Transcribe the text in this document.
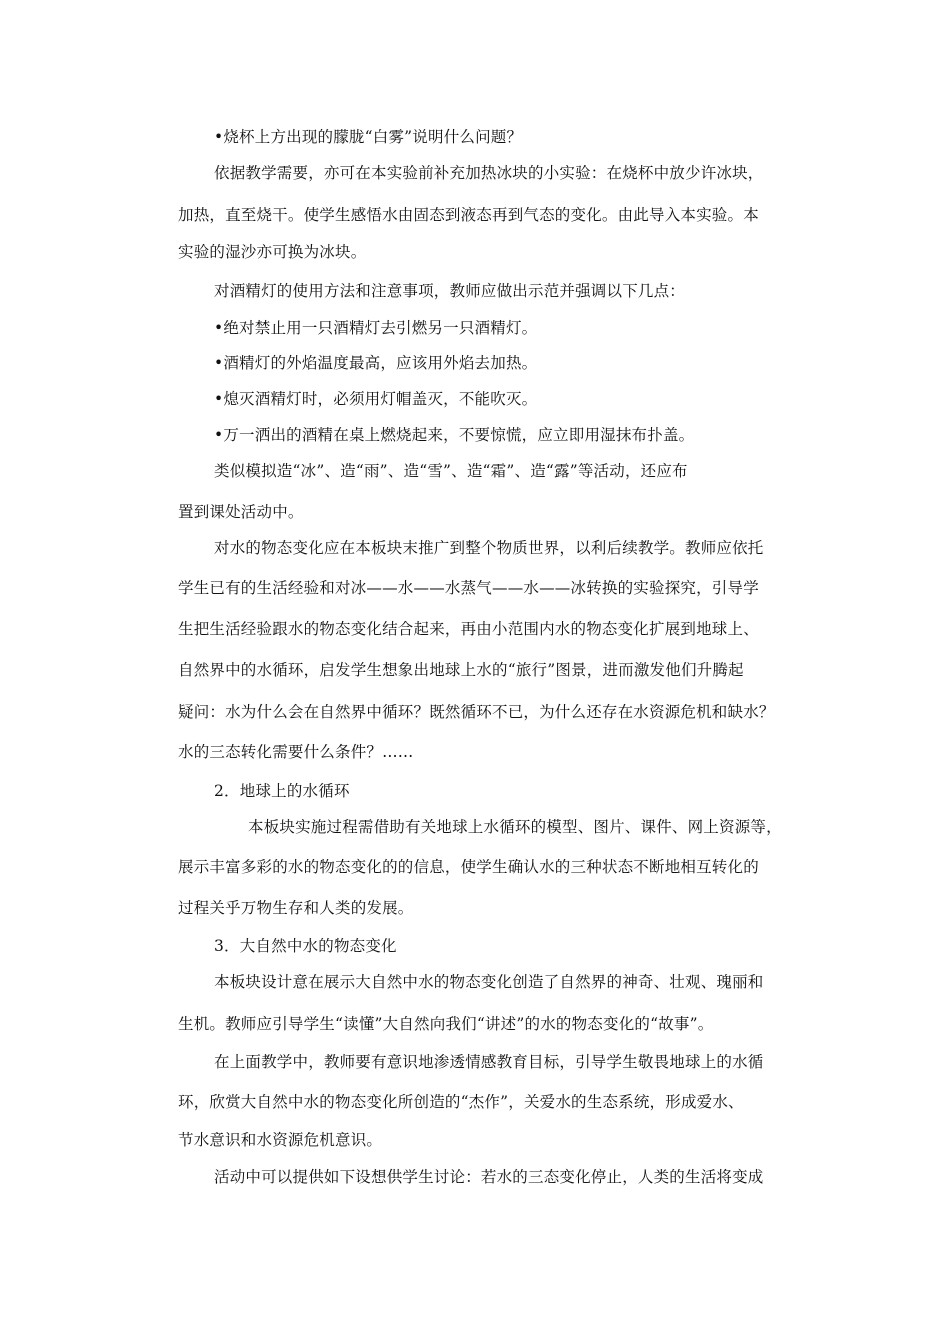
•烧杯上方出现的朦胧“白雾”说明什么问题？
依据教学需要，亦可在本实验前补充加热冰块的小实验：在烧杯中放少许冰块，
加热，直至烧干。使学生感悟水由固态到液态再到气态的变化。由此导入本实验。本
实验的湿沙亦可换为冰块。
对酒精灯的使用方法和注意事项，教师应做出示范并强调以下几点：
•绝对禁止用一只酒精灯去引燃另一只酒精灯。
•酒精灯的外焰温度最高，应该用外焰去加热。
•熄灭酒精灯时，必须用灯帽盖灭，不能吹灭。
•万一洒出的酒精在桌上燃烧起来，不要惊慌，应立即用湿抹布扑盖。
类似模拟造“冰”、造“雨”、造“雪”、造“霜”、造“露”等活动，还应布
置到课处活动中。
对水的物态变化应在本板块末推广到整个物质世界，以利后续教学。教师应依托
学生已有的生活经验和对冰——水——水蒸气——水——冰转换的实验探究，引导学
生把生活经验跟水的物态变化结合起来，再由小范围内水的物态变化扩展到地球上、
自然界中的水循环，启发学生想象出地球上水的“旅行”图景，进而激发他们升腾起
疑问：水为什么会在自然界中循环？既然循环不已，为什么还存在水资源危机和缺水？
水的三态转化需要什么条件？……
2．地球上的水循环
本板块实施过程需借助有关地球上水循环的模型、图片、课件、网上资源等，
展示丰富多彩的水的物态变化的的信息，使学生确认水的三种状态不断地相互转化的
过程关乎万物生存和人类的发展。
3．大自然中水的物态变化
本板块设计意在展示大自然中水的物态变化创造了自然界的神奇、壮观、瑰丽和
生机。教师应引导学生“读懂”大自然向我们“讲述”的水的物态变化的“故事”。
在上面教学中，教师要有意识地渗透情感教育目标，引导学生敬畏地球上的水循
环，欣赏大自然中水的物态变化所创造的“杰作”，关爱水的生态系统，形成爱水、
节水意识和水资源危机意识。
活动中可以提供如下设想供学生讨论：若水的三态变化停止，人类的生活将变成
